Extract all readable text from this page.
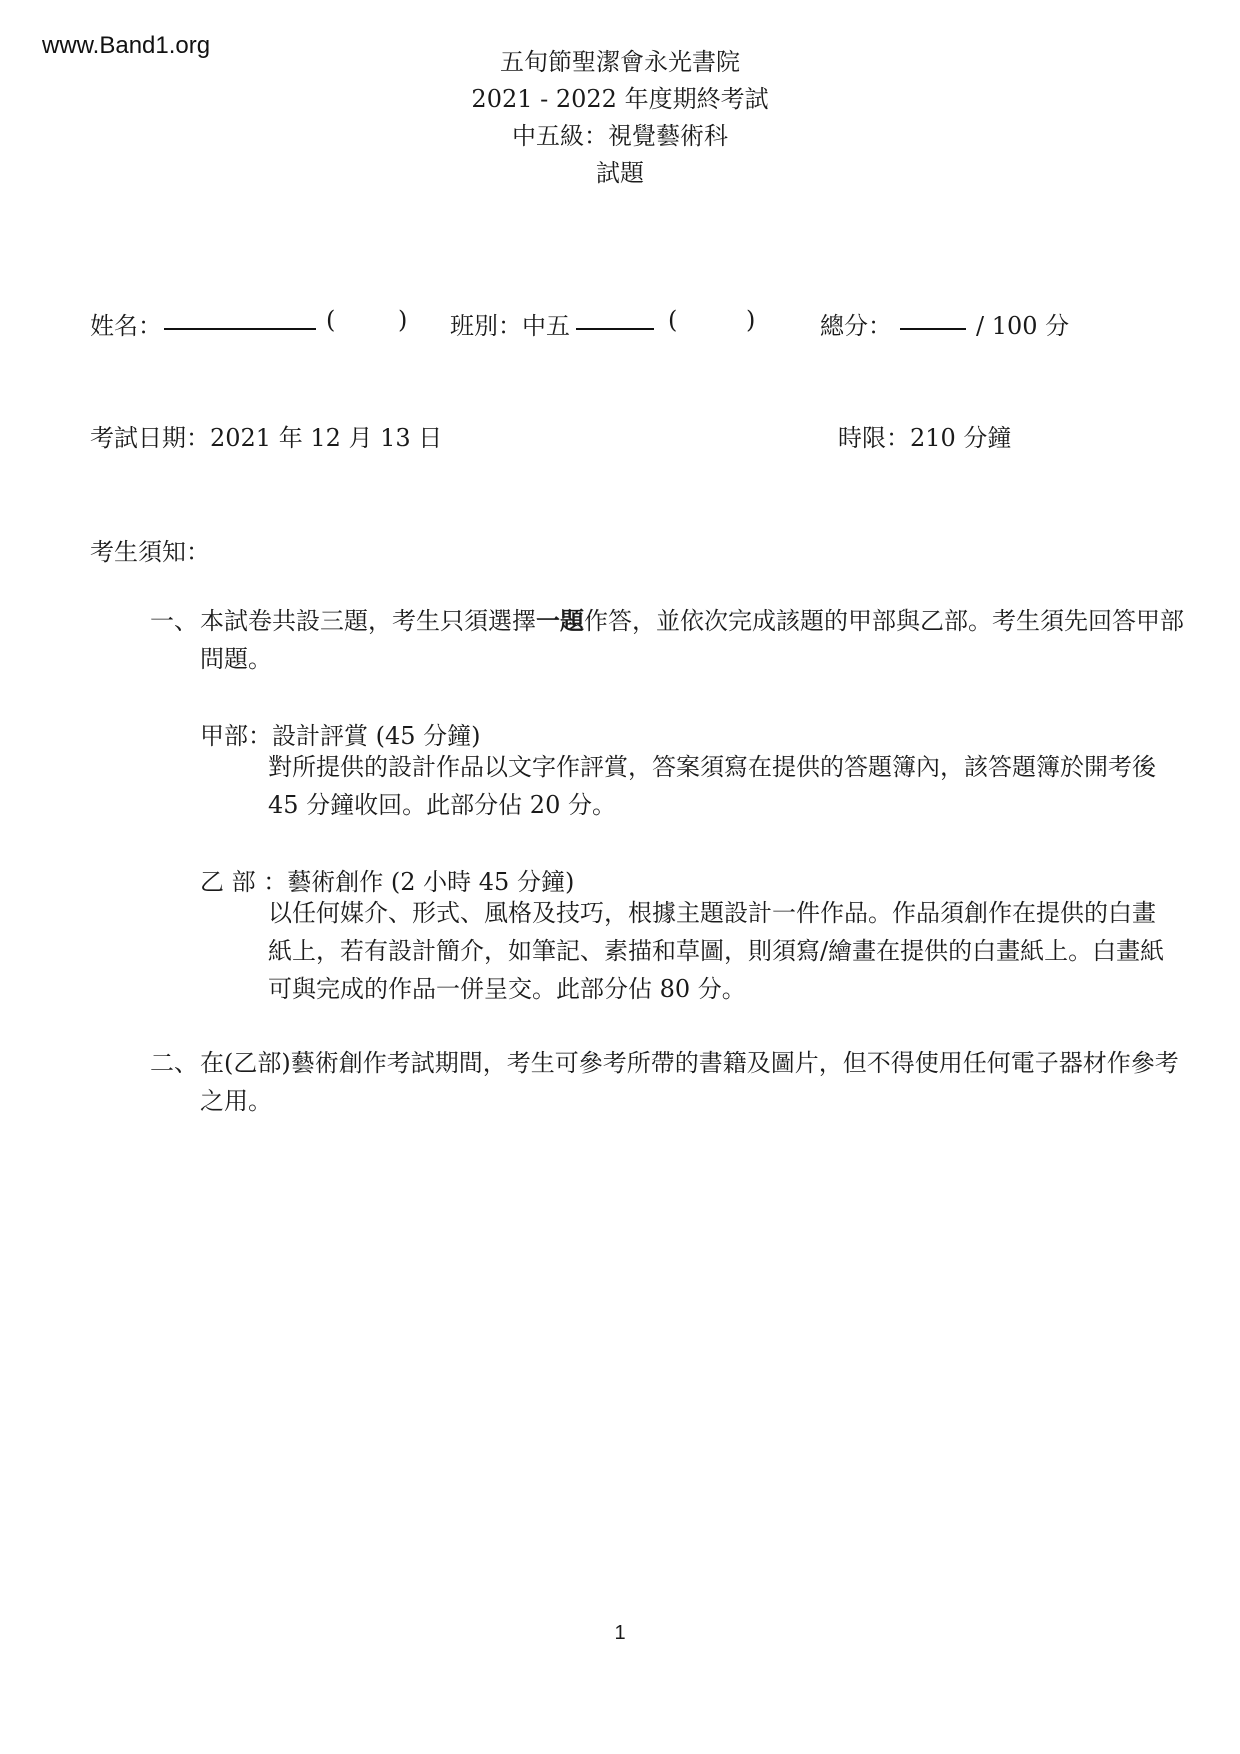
www.Band1.org
五旬節聖潔會永光書院
2021 - 2022 年度期終考試
中五級：視覺藝術科
試題
姓名：	(	) 班別：中五	(	)	總分：	/ 100 分
考試日期：2021 年 12 月 13 日	時限：210 分鐘
考生須知：
一、 本試卷共設三題，考生只須選擇一題作答，並依次完成該題的甲部與乙部。考生須先回答甲部問題。
甲部：設計評賞 (45 分鐘)
對所提供的設計作品以文字作評賞，答案須寫在提供的答題簿內，該答題簿於開考後 45 分鐘收回。此部分佔 20 分。
乙 部 ：藝術創作 (2 小時 45 分鐘)
以任何媒介、形式、風格及技巧，根據主題設計一件作品。作品須創作在提供的白畫紙上，若有設計簡介，如筆記、素描和草圖，則須寫/繪畫在提供的白畫紙上。白畫紙可與完成的作品一併呈交。此部分佔 80 分。
二、 在(乙部)藝術創作考試期間，考生可參考所帶的書籍及圖片，但不得使用任何電子器材作參考之用。
1
